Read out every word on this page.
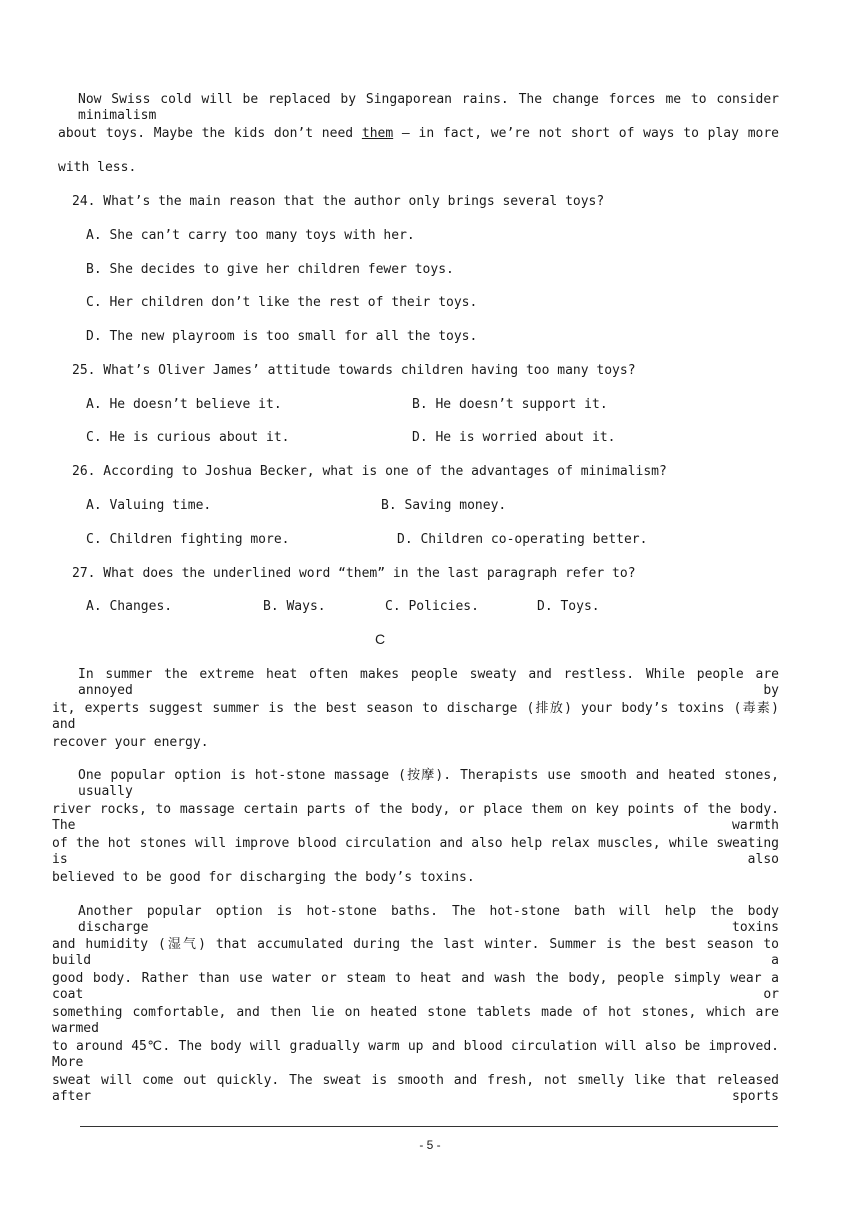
Now Swiss cold will be replaced by Singaporean rains. The change forces me to consider minimalism
about toys. Maybe the kids don’t need them — in fact, we’re not short of ways to play more
with less.
24. What’s the main reason that the author only brings several toys?
A. She can’t carry too many toys with her.
B. She decides to give her children fewer toys.
C. Her children don’t like the rest of their toys.
D. The new playroom is too small for all the toys.
25. What’s Oliver James’ attitude towards children having too many toys?
A. He doesn’t believe it.	B. He doesn’t support it.
C. He is curious about it.	D. He is worried about it.
26. According to Joshua Becker, what is one of the advantages of minimalism?
A. Valuing time.	B. Saving money.
C. Children fighting more.	D. Children co-operating better.
27. What does the underlined word “them” in the last paragraph refer to?
A. Changes.	B. Ways.	C. Policies.	D. Toys.
C
In summer the extreme heat often makes people sweaty and restless. While people are annoyed by
it, experts suggest summer is the best season to discharge (排放) your body’s toxins (毒素) and
recover your energy.
One popular option is hot-stone massage (按摩). Therapists use smooth and heated stones, usually
river rocks, to massage certain parts of the body, or place them on key points of the body. The warmth
of the hot stones will improve blood circulation and also help relax muscles, while sweating is also
believed to be good for discharging the body’s toxins.
Another popular option is hot-stone baths. The hot-stone bath will help the body discharge toxins
and humidity (湿气) that accumulated during the last winter. Summer is the best season to build a
good body. Rather than use water or steam to heat and wash the body, people simply wear a coat or
something comfortable, and then lie on heated stone tablets made of hot stones, which are warmed
to around 45℃. The body will gradually warm up and blood circulation will also be improved. More
sweat will come out quickly. The sweat is smooth and fresh, not smelly like that released after sports
- 5 -
